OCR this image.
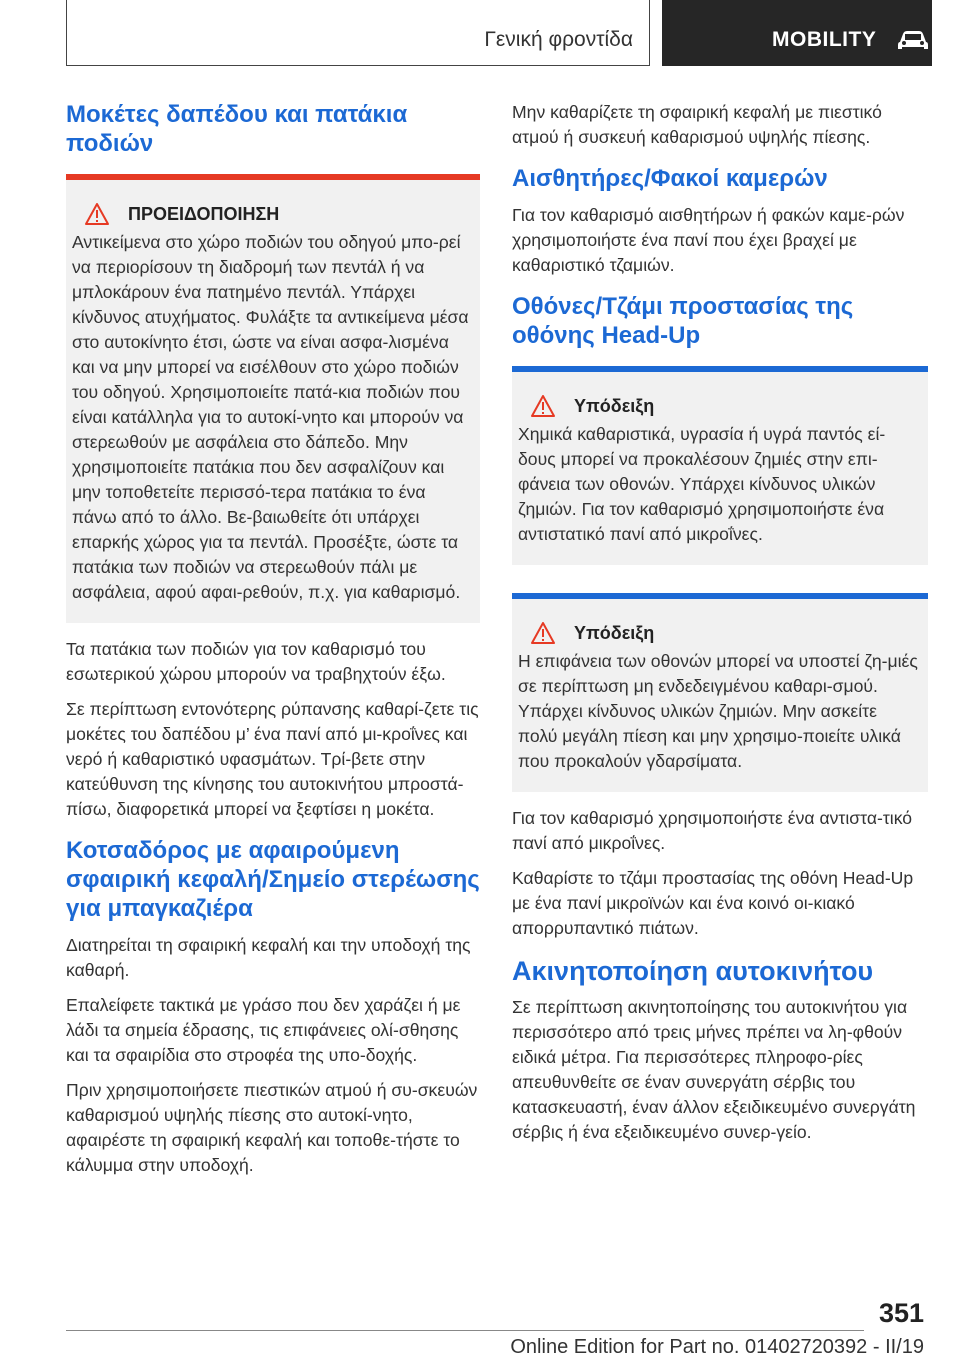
Γενική φροντίδα	MOBILITY
Μοκέτες δαπέδου και πατάκια ποδιών
ΠΡΟΕΙΔΟΠΟΙΗΣΗ

Αντικείμενα στο χώρο ποδιών του οδηγού μπο-ρεί να περιορίσουν τη διαδρομή των πεντάλ ή να μπλοκάρουν ένα πατημένο πεντάλ. Υπάρχει κίνδυνος ατυχήματος. Φυλάξτε τα αντικείμενα μέσα στο αυτοκίνητο έτσι, ώστε να είναι ασφα-λισμένα και να μην μπορεί να εισέλθουν στο χώρο ποδιών του οδηγού. Χρησιμοποιείτε πατά-κια ποδιών που είναι κατάλληλα για το αυτοκί-νητο και μπορούν να στερεωθούν με ασφάλεια στο δάπεδο. Μην χρησιμοποιείτε πατάκια που δεν ασφαλίζουν και μην τοποθετείτε περισσό-τερα πατάκια το ένα πάνω από το άλλο. Βε-βαιωθείτε ότι υπάρχει επαρκής χώρος για τα πεντάλ. Προσέξτε, ώστε τα πατάκια των ποδιών να στερεωθούν πάλι με ασφάλεια, αφού αφαι-ρεθούν, π.χ. για καθαρισμό.

Τα πατάκια των ποδιών για τον καθαρισμό του εσωτερικού χώρου μπορούν να τραβηχτούν έξω.

Σε περίπτωση εντονότερης ρύπανσης καθαρί-ζετε τις μοκέτες του δαπέδου μ’ ένα πανί από μι-κροΐνες και νερό ή καθαριστικό υφασμάτων. Τρί-βετε στην κατεύθυνση της κίνησης του αυτοκινήτου μπροστά-πίσω, διαφορετικά μπορεί να ξεφτίσει η μοκέτα.

Κοτσαδόρος με αφαιρούμενη σφαιρική κεφαλή/Σημείο στερέωσης για μπαγκαζιέρα

Διατηρείται τη σφαιρική κεφαλή και την υποδοχή της καθαρή.

Επαλείφετε τακτικά με γράσο που δεν χαράζει ή με λάδι τα σημεία έδρασης, τις επιφάνειες ολί-σθησης και τα σφαιρίδια στο στροφέα της υπο-δοχής.

Πριν χρησιμοποιήσετε πιεστικών ατμού ή συ-σκευών καθαρισμού υψηλής πίεσης στο αυτοκί-νητο, αφαιρέστε τη σφαιρική κεφαλή και τοποθε-τήστε το κάλυμμα στην υποδοχή.

Μην καθαρίζετε τη σφαιρική κεφαλή με πιεστικό ατμού ή συσκευή καθαρισμού υψηλής πίεσης.

Αισθητήρες/Φακοί καμερών

Για τον καθαρισμό αισθητήρων ή φακών καμε-ρών χρησιμοποιήστε ένα πανί που έχει βραχεί με καθαριστικό τζαμιών.

Οθόνες/Τζάμι προστασίας της οθόνης Head-Up
Υπόδειξη

Χημικά καθαριστικά, υγρασία ή υγρά παντός εί-δους μπορεί να προκαλέσουν ζημιές στην επι-φάνεια των οθονών. Υπάρχει κίνδυνος υλικών ζημιών. Για τον καθαρισμό χρησιμοποιήστε ένα αντιστατικό πανί από μικροΐνες.

Υπόδειξη

Η επιφάνεια των οθονών μπορεί να υποστεί ζη-μιές σε περίπτωση μη ενδεδειγμένου καθαρι-σμού. Υπάρχει κίνδυνος υλικών ζημιών. Μην ασκείτε πολύ μεγάλη πίεση και μην χρησιμο-ποιείτε υλικά που προκαλούν γδαρσίματα.

Για τον καθαρισμό χρησιμοποιήστε ένα αντιστα-τικό πανί από μικροΐνες.

Καθαρίστε το τζάμι προστασίας της οθόνη Head-Up με ένα πανί μικροϊνών και ένα κοινό οι-κιακό απορρυπαντικό πιάτων.

Ακινητοποίηση αυτοκινήτου

Σε περίπτωση ακινητοποίησης του αυτοκινήτου για περισσότερο από τρεις μήνες πρέπει να λη-φθούν ειδικά μέτρα. Για περισσότερες πληροφο-ρίες απευθυνθείτε σε έναν συνεργάτη σέρβις του κατασκευαστή, έναν άλλον εξειδικευμένο συνεργάτη σέρβις ή ένα εξειδικευμένο συνερ-γείο.

351
Online Edition for Part no. 01402720392 - II/19
